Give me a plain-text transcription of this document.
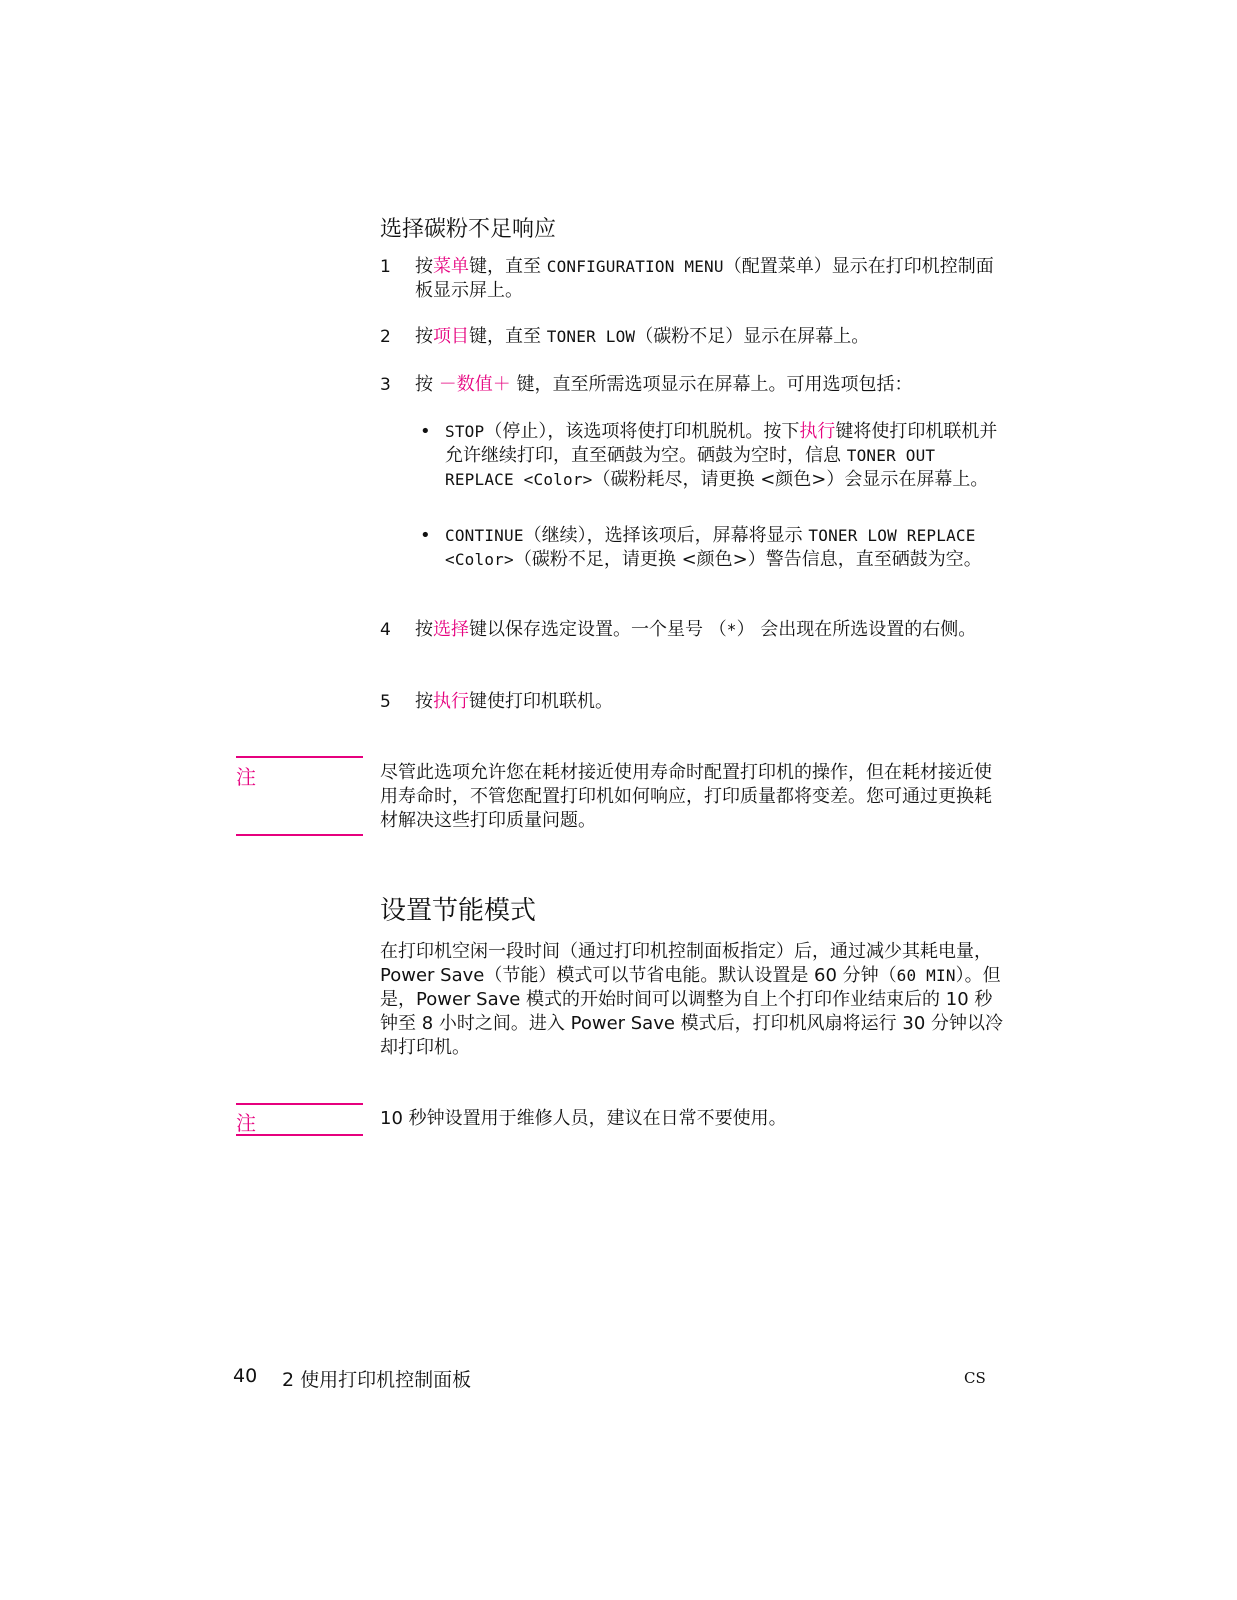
选择碳粉不足响应
1	按菜单键，直至 CONFIGURATION MENU（配置菜单）显示在打印机控制面板显示屏上。
2	按项目键，直至 TONER LOW（碳粉不足）显示在屏幕上。
3	按 －数值＋ 键，直至所需选项显示在屏幕上。可用选项包括：
• STOP（停止），该选项将使打印机脱机。按下执行键将使打印机联机并允许继续打印，直至硒鼓为空。硒鼓为空时，信息 TONER OUT REPLACE <Color>（碳粉耗尽，请更换 <颜色>）会显示在屏幕上。
• CONTINUE（继续），选择该项后，屏幕将显示 TONER LOW REPLACE <Color>（碳粉不足，请更换 <颜色>）警告信息，直至硒鼓为空。
4	按选择键以保存选定设置。一个星号 （*） 会出现在所选设置的右侧。
5	按执行键使打印机联机。
注	尽管此选项允许您在耗材接近使用寿命时配置打印机的操作，但在耗材接近使用寿命时，不管您配置打印机如何响应，打印质量都将变差。您可通过更换耗材解决这些打印质量问题。
设置节能模式
在打印机空闲一段时间（通过打印机控制面板指定）后，通过减少其耗电量，Power Save（节能）模式可以节省电能。默认设置是 60 分钟（60 MIN）。但是，Power Save 模式的开始时间可以调整为自上个打印作业结束后的 10 秒钟至 8 小时之间。进入 Power Save 模式后，打印机风扇将运行 30 分钟以冷却打印机。
注	10 秒钟设置用于维修人员，建议在日常不要使用。
40 2 使用打印机控制面板	CS
